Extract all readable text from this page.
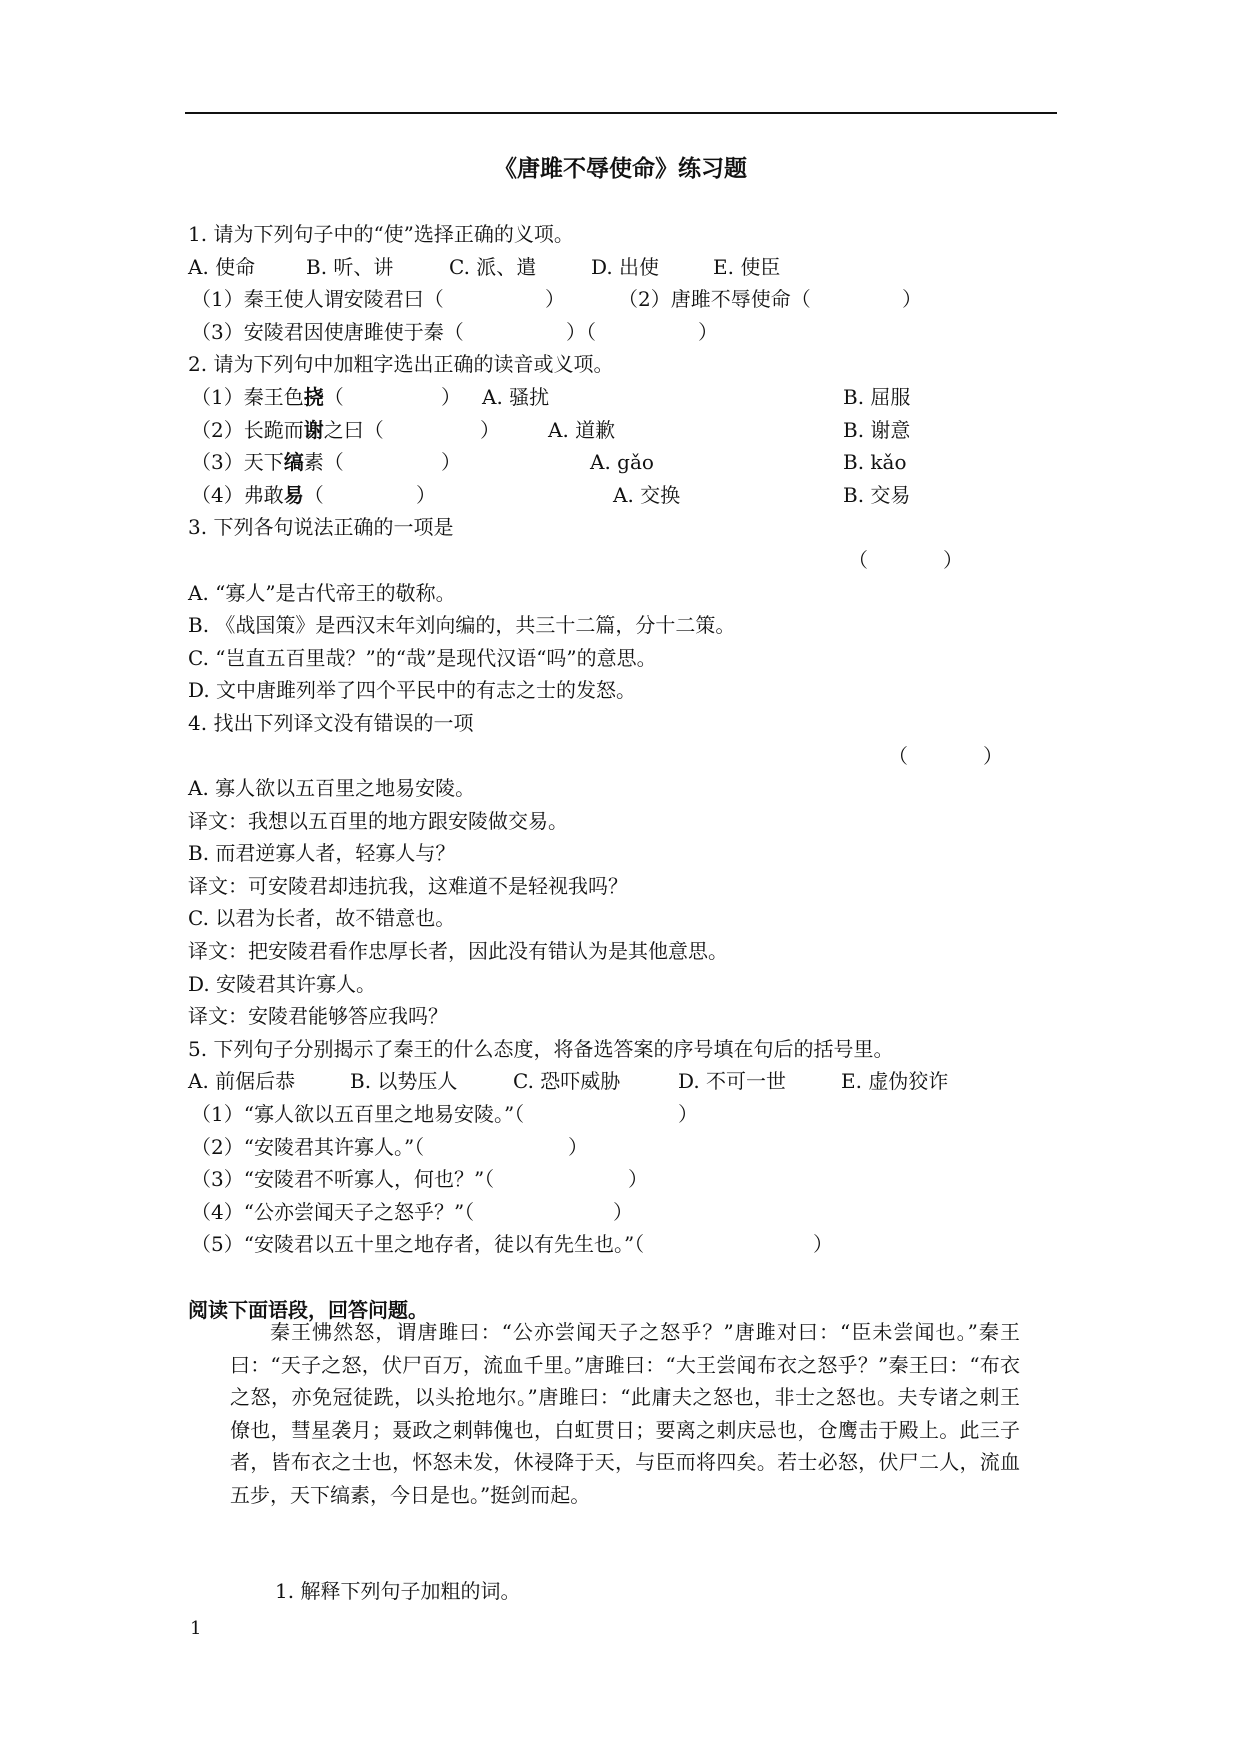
《唐雎不辱使命》练习题
1. 请为下列句子中的“使”选择正确的义项。
A. 使命	B. 听、讲	C. 派、遣	D. 出使	E. 使臣
（1）秦王使人谓安陵君曰（	）	（2）唐雎不辱使命（	）
（3）安陵君因使唐雎使于秦（	）（	）
2. 请为下列句中加粗字选出正确的读音或义项。
（1）秦王色挠（	） A. 骚扰	B. 屈服
（2）长跪而谢之曰（	） A. 道歉	B. 谢意
（3）天下缟素（	）	A. gǎo	B. kǎo
（4）弗敢易（	）	A. 交换	B. 交易
3. 下列各句说法正确的一项是
（	）
A. “寡人”是古代帝王的敬称。
B. 《战国策》是西汉末年刘向编的，共三十二篇，分十二策。
C. “岂直五百里哉？”的“哉”是现代汉语“吗”的意思。
D. 文中唐雎列举了四个平民中的有志之士的发怒。
4. 找出下列译文没有错误的一项
（	）
A. 寡人欲以五百里之地易安陵。
译文：我想以五百里的地方跟安陵做交易。
B. 而君逆寡人者，轻寡人与？
译文：可安陵君却违抗我，这难道不是轻视我吗？
C. 以君为长者，故不错意也。
译文：把安陵君看作忠厚长者，因此没有错认为是其他意思。
D. 安陵君其许寡人。
译文：安陵君能够答应我吗？
5. 下列句子分别揭示了秦王的什么态度，将备选答案的序号填在句后的括号里。
A. 前倨后恭	B. 以势压人	C. 恐吓威胁	D. 不可一世	E. 虚伪狡诈
（1）“寡人欲以五百里之地易安陵。”（	）
（2）“安陵君其许寡人。”（	）
（3）“安陵君不听寡人，何也？”（	）
（4）“公亦尝闻天子之怒乎？”（	）
（5）“安陵君以五十里之地存者，徒以有先生也。”（	）
阅读下面语段，回答问题。

秦王怫然怒，谓唐雎曰：“公亦尝闻天子之怒乎？”唐雎对曰：“臣未尝闻也。”秦王曰：“天子之怒，伏尸百万，流血千里。”唐雎曰：“大王尝闻布衣之怒乎？”秦王曰：“布衣之怒，亦免冠徒跣，以头抢地尔。”唐雎曰：“此庸夫之怒也，非士之怒也。夫专诸之刺王僚也，彗星袭月；聂政之刺韩傀也，白虹贯日；要离之刺庆忌也，仓鹰击于殿上。此三子者，皆布衣之士也，怀怒未发，休祲降于天，与臣而将四矣。若士必怒，伏尸二人，流血五步，天下缟素，今日是也。”挺剑而起。

1. 解释下列句子加粗的词。
1
